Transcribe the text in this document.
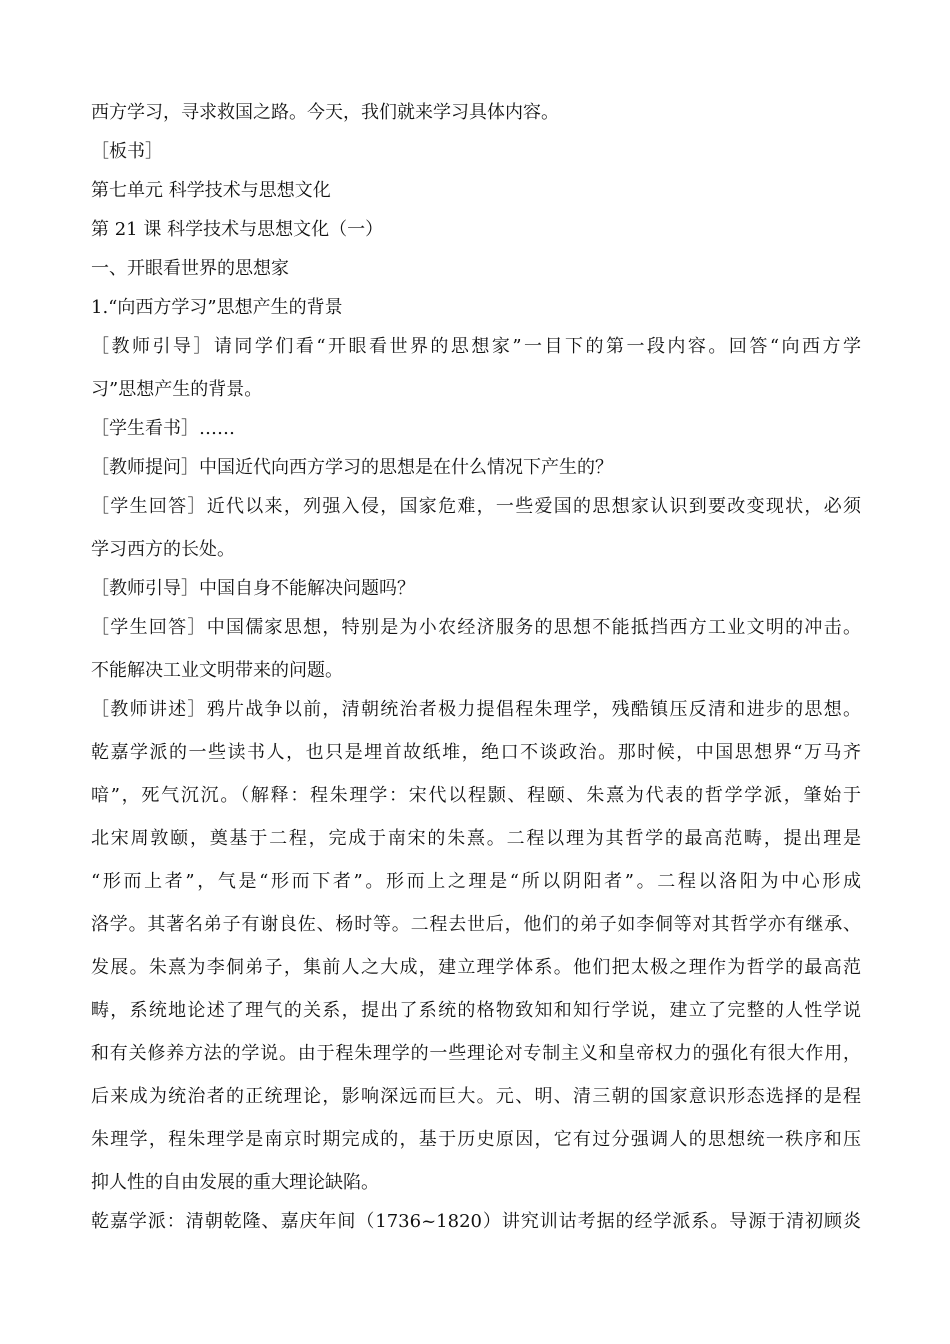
西方学习，寻求救国之路。今天，我们就来学习具体内容。
［板书］
第七单元 科学技术与思想文化
第 21 课 科学技术与思想文化（一）
一、开眼看世界的思想家
1.“向西方学习”思想产生的背景
［教师引导］请同学们看“开眼看世界的思想家”一目下的第一段内容。回答“向西方学
习”思想产生的背景。
［学生看书］……
［教师提问］中国近代向西方学习的思想是在什么情况下产生的？
［学生回答］近代以来，列强入侵，国家危难，一些爱国的思想家认识到要改变现状，必须
学习西方的长处。
［教师引导］中国自身不能解决问题吗？
［学生回答］中国儒家思想，特别是为小农经济服务的思想不能抵挡西方工业文明的冲击。
不能解决工业文明带来的问题。
［教师讲述］鸦片战争以前，清朝统治者极力提倡程朱理学，残酷镇压反清和进步的思想。
乾嘉学派的一些读书人，也只是埋首故纸堆，绝口不谈政治。那时候，中国思想界“万马齐
喑”，死气沉沉。（解释：程朱理学：宋代以程颢、程颐、朱熹为代表的哲学学派，肇始于
北宋周敦颐，奠基于二程，完成于南宋的朱熹。二程以理为其哲学的最高范畴，提出理是
“形而上者”，气是“形而下者”。形而上之理是“所以阴阳者”。二程以洛阳为中心形成
洛学。其著名弟子有谢良佐、杨时等。二程去世后，他们的弟子如李侗等对其哲学亦有继承、
发展。朱熹为李侗弟子，集前人之大成，建立理学体系。他们把太极之理作为哲学的最高范
畴，系统地论述了理气的关系，提出了系统的格物致知和知行学说，建立了完整的人性学说
和有关修养方法的学说。由于程朱理学的一些理论对专制主义和皇帝权力的强化有很大作用，
后来成为统治者的正统理论，影响深远而巨大。元、明、清三朝的国家意识形态选择的是程
朱理学，程朱理学是南京时期完成的，基于历史原因，它有过分强调人的思想统一秩序和压
抑人性的自由发展的重大理论缺陷。
乾嘉学派：清朝乾隆、嘉庆年间（1736~1820）讲究训诂考据的经学派系。导源于清初顾炎
